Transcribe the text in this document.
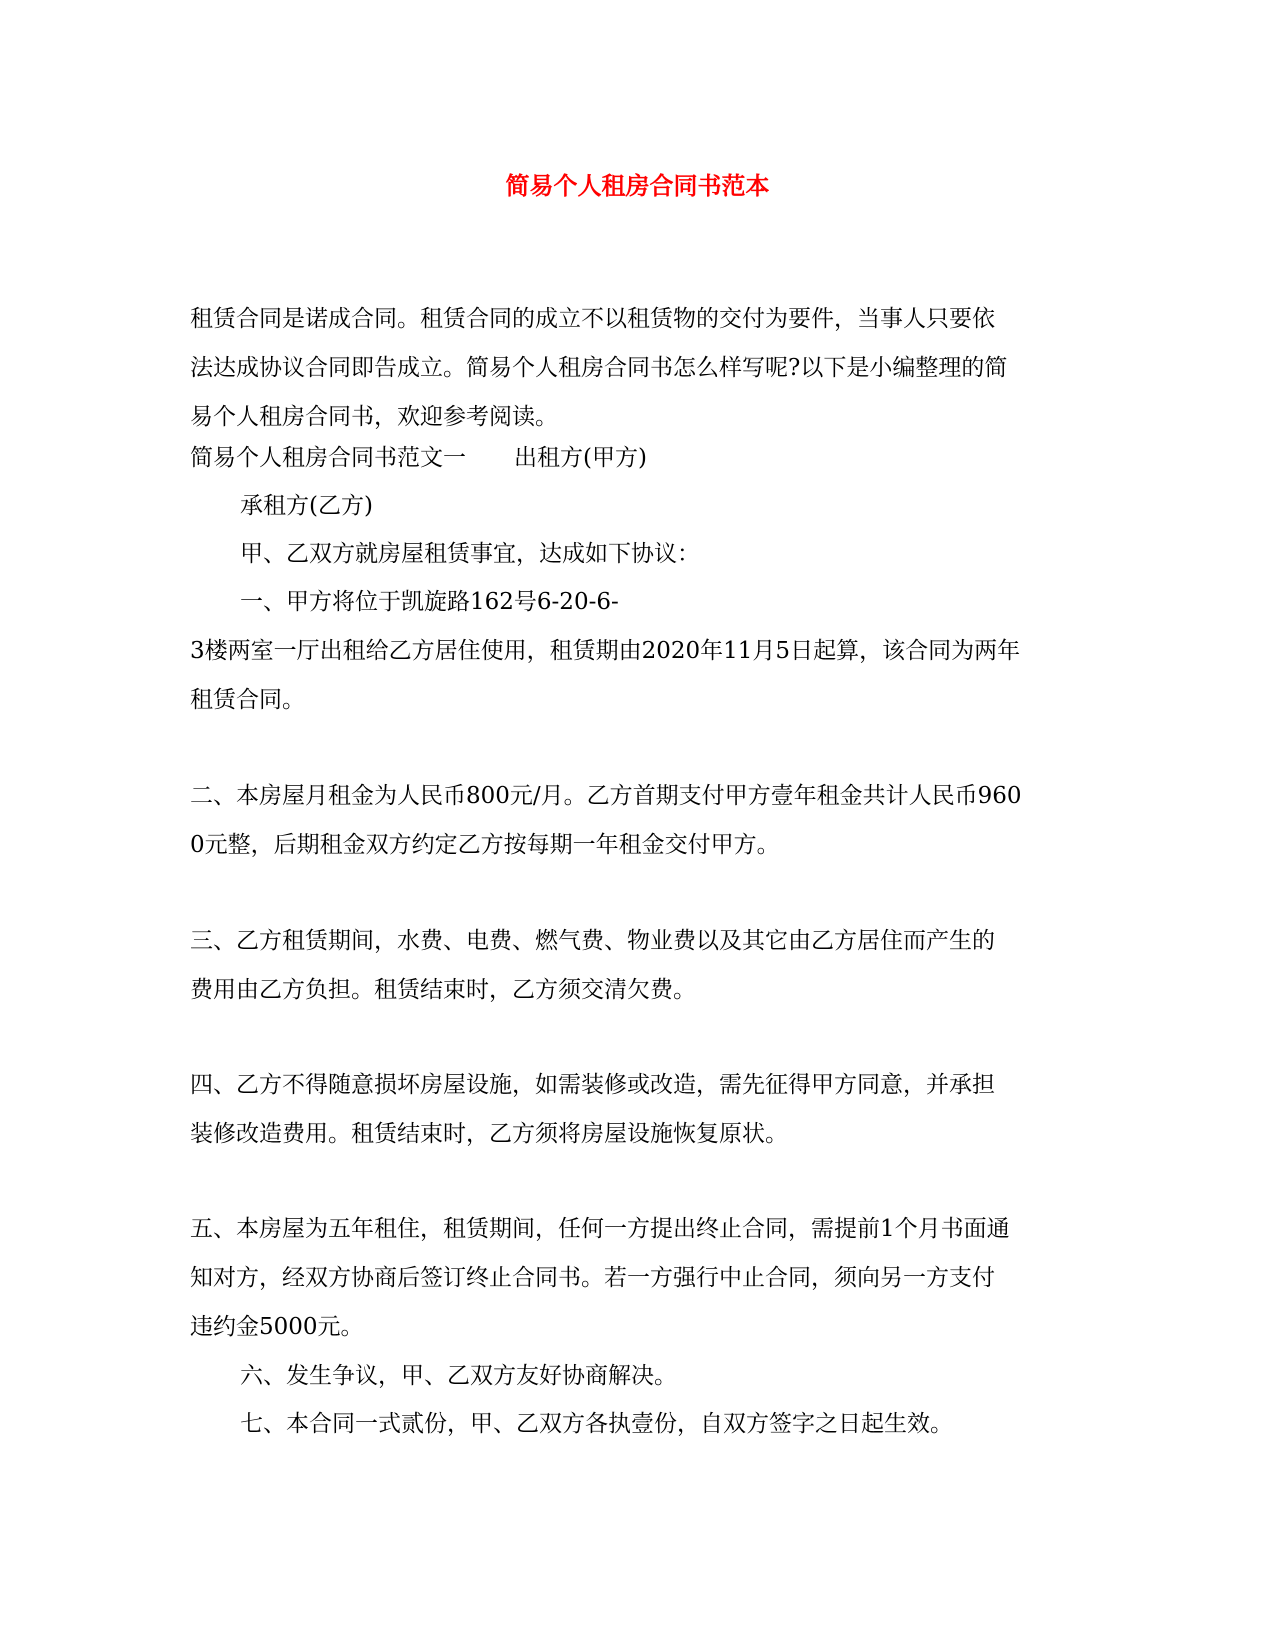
简易个人租房合同书范本
租赁合同是诺成合同。租赁合同的成立不以租赁物的交付为要件，当事人只要依
法达成协议合同即告成立。简易个人租房合同书怎么样写呢?以下是小编整理的简
易个人租房合同书，欢迎参考阅读。
简易个人租房合同书范文一 出租方(甲方)
承租方(乙方)
甲、乙双方就房屋租赁事宜，达成如下协议：
一、甲方将位于凯旋路162号6-20-6-
3楼两室一厅出租给乙方居住使用，租赁期由2020年11月5日起算，该合同为两年
租赁合同。
二、本房屋月租金为人民币800元/月。乙方首期支付甲方壹年租金共计人民币960
0元整，后期租金双方约定乙方按每期一年租金交付甲方。
三、乙方租赁期间，水费、电费、燃气费、物业费以及其它由乙方居住而产生的
费用由乙方负担。租赁结束时，乙方须交清欠费。
四、乙方不得随意损坏房屋设施，如需装修或改造，需先征得甲方同意，并承担
装修改造费用。租赁结束时，乙方须将房屋设施恢复原状。
五、本房屋为五年租住，租赁期间，任何一方提出终止合同，需提前1个月书面通
知对方，经双方协商后签订终止合同书。若一方强行中止合同，须向另一方支付
违约金5000元。
六、发生争议，甲、乙双方友好协商解决。
七、本合同一式贰份，甲、乙双方各执壹份，自双方签字之日起生效。
